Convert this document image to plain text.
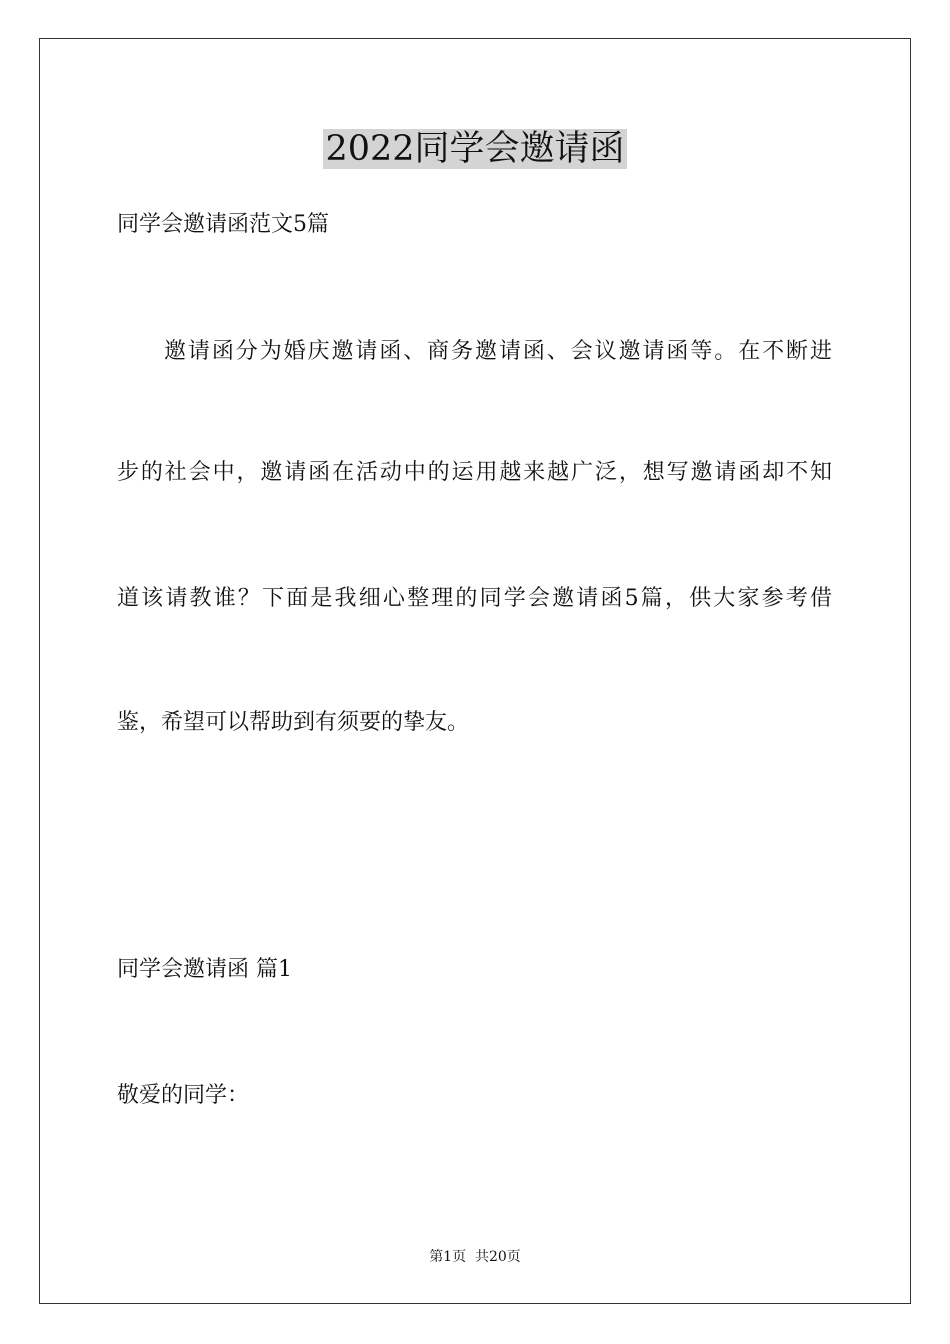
2022同学会邀请函

同学会邀请函范文5篇

邀请函分为婚庆邀请函、商务邀请函、会议邀请函等。在不断进

步的社会中，邀请函在活动中的运用越来越广泛，想写邀请函却不知

道该请教谁？下面是我细心整理的同学会邀请函5篇，供大家参考借

鉴，希望可以帮助到有须要的挚友。

同学会邀请函 篇1

敬爱的同学：

第1页  共20页
